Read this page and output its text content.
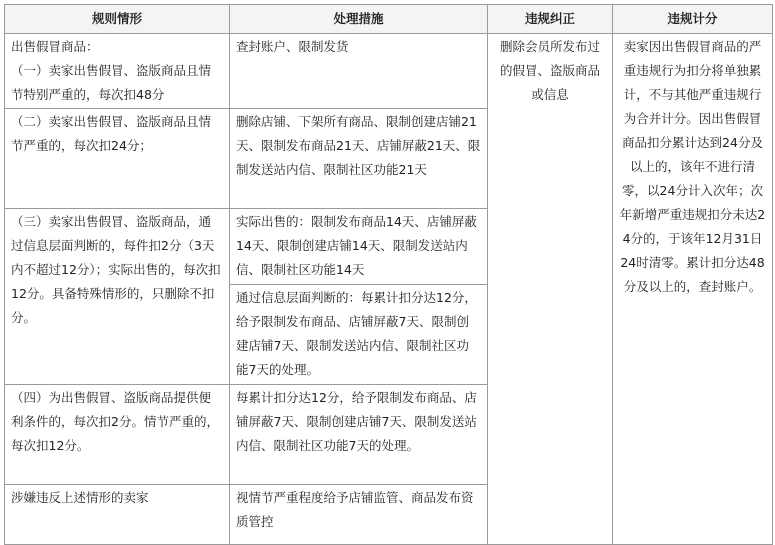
规则情形	处理措施	违规纠正	违规计分

出售假冒商品：
（一）卖家出售假冒、盗版商品且情节特别严重的，每次扣48分	查封账户、限制发货	删除会员所发布过的假冒、盗版商品或信息	卖家因出售假冒商品的严重违规行为扣分将单独累计，不与其他严重违规行为合并计分。因出售假冒商品扣分累计达到24分及以上的，该年不进行清零，以24分计入次年；次年新增严重违规扣分未达24分的，于该年12月31日24时清零。累计扣分达48分及以上的，查封账户。
（二）卖家出售假冒、盗版商品且情节严重的，每次扣24分；	删除店铺、下架所有商品、限制创建店铺21天、限制发布商品21天、店铺屏蔽21天、限制发送站内信、限制社区功能21天		
（三）卖家出售假冒、盗版商品，通过信息层面判断的，每件扣2分（3天内不超过12分）；实际出售的，每次扣12分。具备特殊情形的，只删除不扣分。	实际出售的：限制发布商品14天、店铺屏蔽14天、限制创建店铺14天、限制发送站内信、限制社区功能14天		
	通过信息层面判断的：每累计扣分达12分，给予限制发布商品、店铺屏蔽7天、限制创建店铺7天、限制发送站内信、限制社区功能7天的处理。		
（四）为出售假冒、盗版商品提供便利条件的，每次扣2分。情节严重的，每次扣12分。	每累计扣分达12分，给予限制发布商品、店铺屏蔽7天、限制创建店铺7天、限制发送站内信、限制社区功能7天的处理。		
涉嫌违反上述情形的卖家	视情节严重程度给予店铺监管、商品发布资质管控		
